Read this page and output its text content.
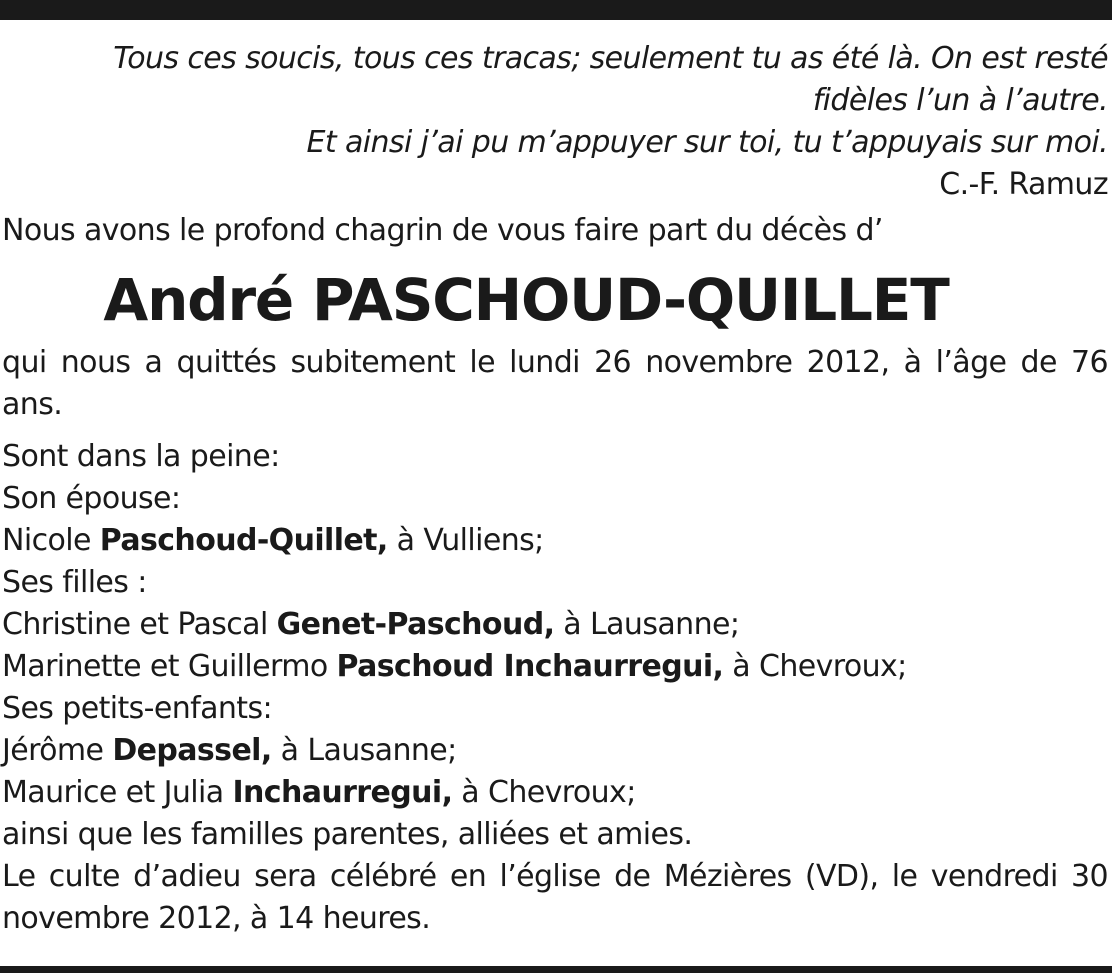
Tous ces soucis, tous ces tracas; seulement tu as été là. On est resté
fidèles l’un à l’autre.
Et ainsi j’ai pu m’appuyer sur toi, tu t’appuyais sur moi.
C.-F. Ramuz
Nous avons le profond chagrin de vous faire part du décès d’
André PASCHOUD-QUILLET
qui nous a quittés subitement le lundi 26 novembre 2012, à l’âge de 76 ans.
Sont dans la peine:
Son épouse:
Nicole Paschoud-Quillet, à Vulliens;
Ses filles :
Christine et Pascal Genet-Paschoud, à Lausanne;
Marinette et Guillermo Paschoud Inchaurregui, à Chevroux;
Ses petits-enfants:
Jérôme Depassel, à Lausanne;
Maurice et Julia Inchaurregui, à Chevroux;
ainsi que les familles parentes, alliées et amies.
Le culte d’adieu sera célébré en l’église de Mézières (VD), le vendredi 30 novembre 2012, à 14 heures.
